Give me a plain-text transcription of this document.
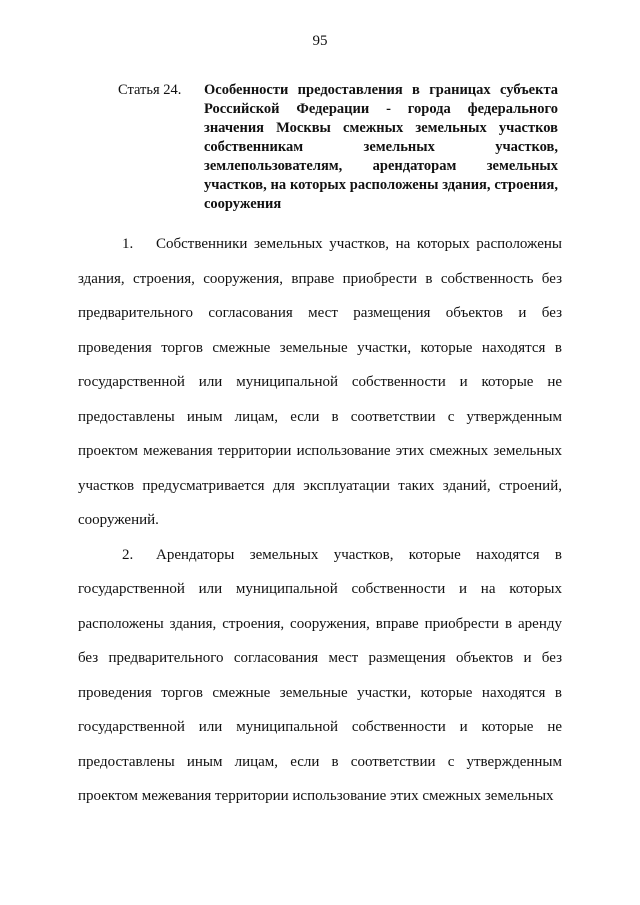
95
Статья 24.	Особенности предоставления в границах субъекта Российской Федерации - города федерального значения Москвы смежных земельных участков собственникам земельных участков, землепользователям, арендаторам земельных участков, на которых расположены здания, строения, сооружения

1. Собственники земельных участков, на которых расположены здания, строения, сооружения, вправе приобрести в собственность без предварительного согласования мест размещения объектов и без проведения торгов смежные земельные участки, которые находятся в государственной или муниципальной собственности и которые не предоставлены иным лицам, если в соответствии с утвержденным проектом межевания территории использование этих смежных земельных участков предусматривается для эксплуатации таких зданий, строений, сооружений.

2. Арендаторы земельных участков, которые находятся в государственной или муниципальной собственности и на которых расположены здания, строения, сооружения, вправе приобрести в аренду без предварительного согласования мест размещения объектов и без проведения торгов смежные земельные участки, которые находятся в государственной или муниципальной собственности и которые не предоставлены иным лицам, если в соответствии с утвержденным проектом межевания территории использование этих смежных земельных
